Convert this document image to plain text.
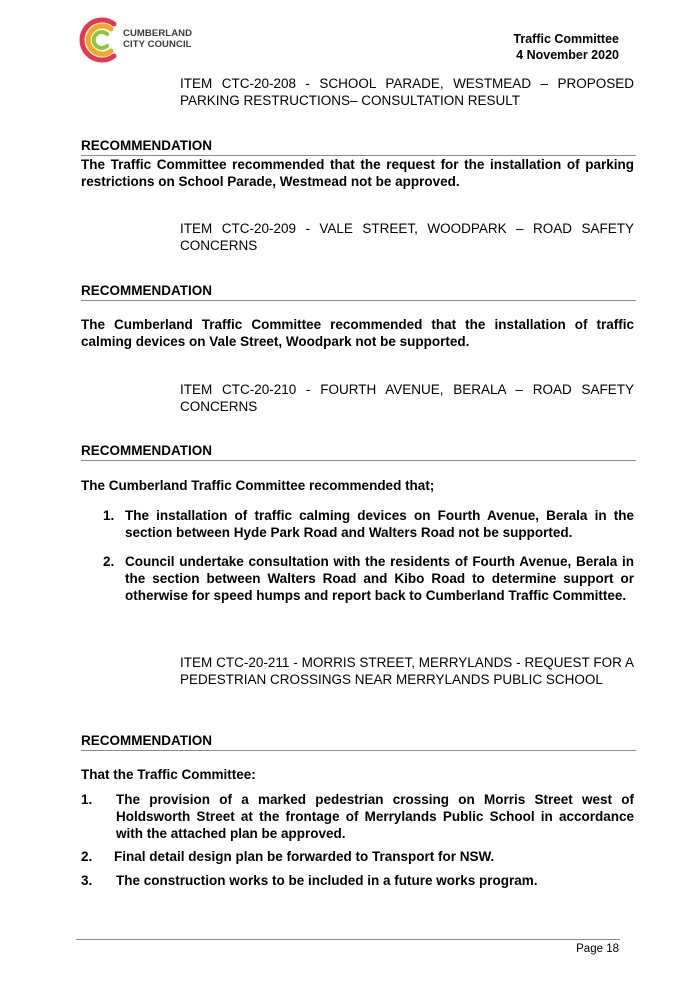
CUMBERLAND
CITY COUNCIL	Traffic Committee
4 November 2020
ITEM CTC-20-208 - SCHOOL PARADE, WESTMEAD – PROPOSED PARKING RESTRUCTIONS– CONSULTATION RESULT
RECOMMENDATION
The Traffic Committee recommended that the request for the installation of parking restrictions on School Parade, Westmead not be approved.
ITEM CTC-20-209 - VALE STREET, WOODPARK – ROAD SAFETY CONCERNS
RECOMMENDATION
The Cumberland Traffic Committee recommended that the installation of traffic calming devices on Vale Street, Woodpark not be supported.
ITEM CTC-20-210 - FOURTH AVENUE, BERALA – ROAD SAFETY CONCERNS
RECOMMENDATION
The Cumberland Traffic Committee recommended that;
1. The installation of traffic calming devices on Fourth Avenue, Berala in the section between Hyde Park Road and Walters Road not be supported.
2. Council undertake consultation with the residents of Fourth Avenue, Berala in the section between Walters Road and Kibo Road to determine support or otherwise for speed humps and report back to Cumberland Traffic Committee.
ITEM CTC-20-211 - MORRIS STREET, MERRYLANDS - REQUEST FOR A PEDESTRIAN CROSSINGS NEAR MERRYLANDS PUBLIC SCHOOL
RECOMMENDATION
That the Traffic Committee:
1. The provision of a marked pedestrian crossing on Morris Street west of Holdsworth Street at the frontage of Merrylands Public School in accordance with the attached plan be approved.
2. Final detail design plan be forwarded to Transport for NSW.
3. The construction works to be included in a future works program.
Page 18
